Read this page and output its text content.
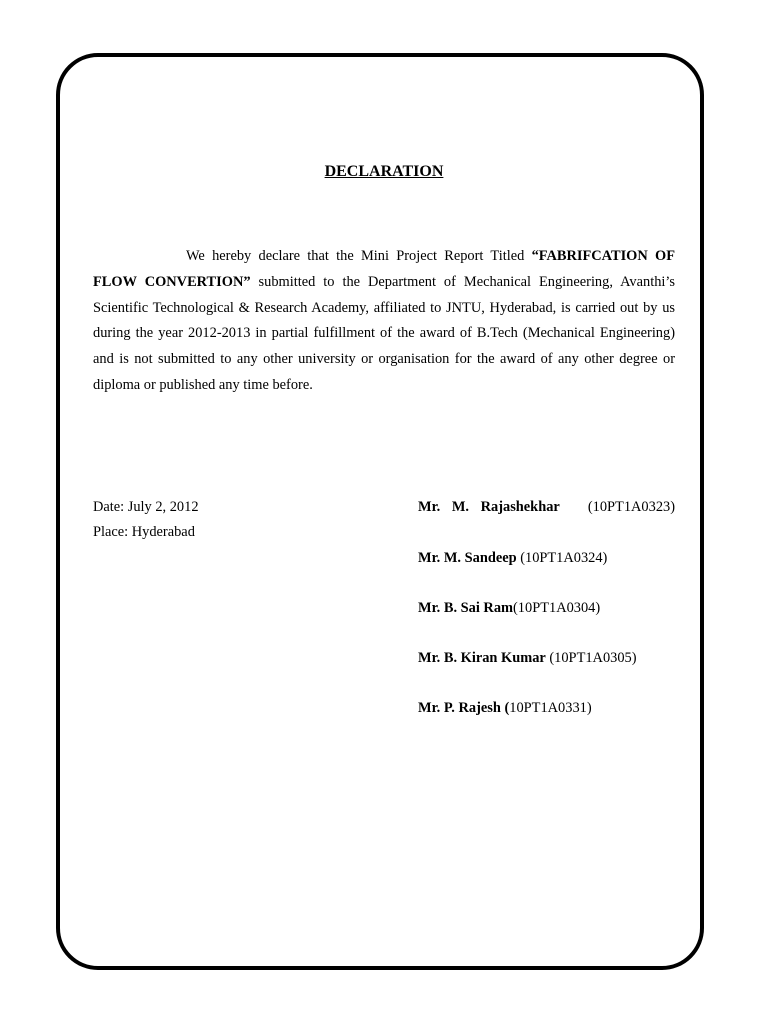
DECLARATION

We hereby declare that the Mini Project Report Titled “FABRIFCATION OF FLOW CONVERTION” submitted to the Department of Mechanical Engineering, Avanthi’s Scientific Technological & Research Academy, affiliated to JNTU, Hyderabad, is carried out by us during the year 2012-2013 in partial fulfillment of the award of B.Tech (Mechanical Engineering) and is not submitted to any other university or organisation for the award of any other degree or diploma or published any time before.

Date: July 2, 2012

Place: Hyderabad

Mr. M. Rajashekhar (10PT1A0323)

Mr. M. Sandeep (10PT1A0324)

Mr. B. Sai Ram(10PT1A0304)

Mr. B. Kiran Kumar (10PT1A0305)

Mr. P. Rajesh (10PT1A0331)
